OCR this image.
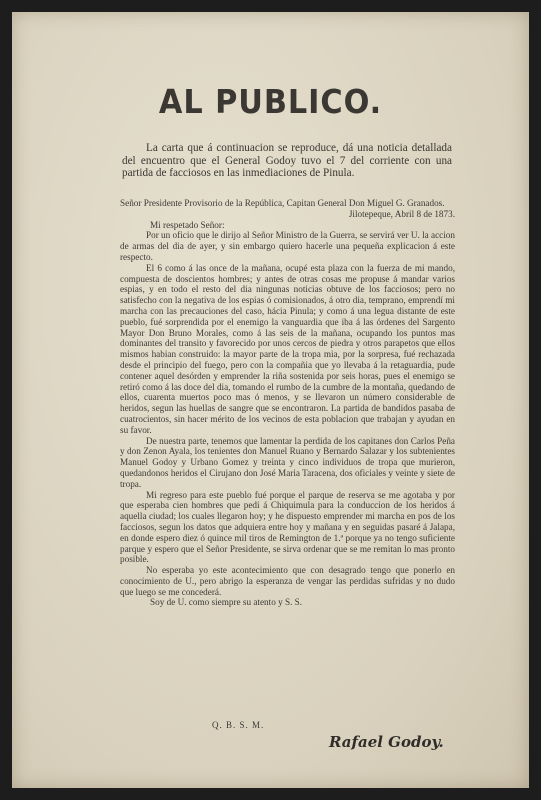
AL PUBLICO.
La carta que á continuacion se reproduce, dá una noticia detallada del encuentro que el General Godoy tuvo el 7 del corriente con una partida de facciosos en las inmediaciones de Pinula.

Señor Presidente Provisorio de la República, Capitan General Don Miguel G. Granados.

Jilotepeque, Abril 8 de 1873.

Mi respetado Señor:

Por un oficio que le dirijo al Señor Ministro de la Guerra, se servirá ver U. la accion de armas del dia de ayer, y sin embargo quiero hacerle una pequeña explicacion á este respecto.

El 6 como á las once de la mañana, ocupé esta plaza con la fuerza de mi mando, compuesta de doscientos hombres; y antes de otras cosas me propuse á mandar varios espias, y en todo el resto del dia ningunas noticias obtuve de los facciosos; pero no satisfecho con la negativa de los espias ó comisionados, á otro dia, temprano, emprendí mi marcha con las precauciones del caso, hácia Pinula; y como á una legua distante de este pueblo, fué sorprendida por el enemigo la vanguardia que iba á las órdenes del Sargento Mayor Don Bruno Morales, como á las seis de la mañana, ocupando los puntos mas dominantes del transito y favorecido por unos cercos de piedra y otros parapetos que ellos mismos habian construido: la mayor parte de la tropa mia, por la sorpresa, fué rechazada desde el principio del fuego, pero con la compañia que yo llevaba á la retaguardia, pude contener aquel desórden y emprender la riña sostenida por seis horas, pues el enemigo se retiró como á las doce del dia, tomando el rumbo de la cumbre de la montaña, quedando de ellos, cuarenta muertos poco mas ó menos, y se llevaron un número considerable de heridos, segun las huellas de sangre que se encontraron. La partida de bandidos pasaba de cuatrocientos, sin hacer mérito de los vecinos de esta poblacion que trabajan y ayudan en su favor.

De nuestra parte, tenemos que lamentar la perdida de los capitanes don Carlos Peña y don Zenon Ayala, los tenientes don Manuel Ruano y Bernardo Salazar y los subtenientes Manuel Godoy y Urbano Gomez y treinta y cinco individuos de tropa que murieron, quedandonos heridos el Cirujano don José Maria Taracena, dos oficiales y veinte y siete de tropa.

Mi regreso para este pueblo fué porque el parque de reserva se me agotaba y por que esperaba cien hombres que pedí á Chiquimula para la conduccion de los heridos á aquella ciudad; los cuales llegaron hoy; y he dispuesto emprender mi marcha en pos de los facciosos, segun los datos que adquiera entre hoy y mañana y en seguidas pasaré á Jalapa, en donde espero diez ó quince mil tiros de Remington de 1.ª porque ya no tengo suficiente parque y espero que el Señor Presidente, se sirva ordenar que se me remitan lo mas pronto posible.

No esperaba yo este acontecimiento que con desagrado tengo que ponerlo en conocimiento de U., pero abrigo la esperanza de vengar las perdidas sufridas y no dudo que luego se me concederá.

Soy de U. como siempre su atento y S. S.

Q. B. S. M.
Rafael Godoy.
